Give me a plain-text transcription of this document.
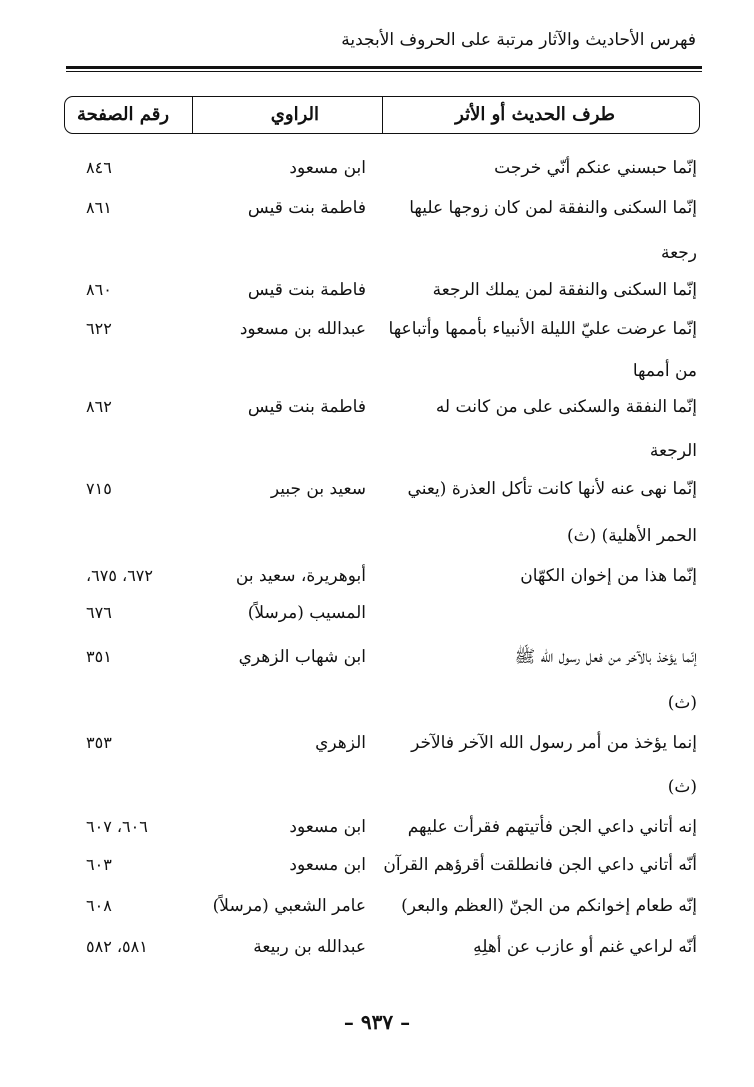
فهرس الأحاديث والآثار مرتبة على الحروف الأبجدية
طرف الحديث أو الأثر
الراوي
رقم الصفحة
إنّما حبسني عنكم أنّي خرجت
ابن مسعود
٨٤٦
إنّما السكنى والنفقة لمن كان زوجها عليها
فاطمة بنت قيس
٨٦١
رجعة
إنّما السكنى والنفقة لمن يملك الرجعة
فاطمة بنت قيس
٨٦٠
إنّما عرضت عليّ الليلة الأنبياء بأممها وأتباعها
عبدالله بن مسعود
٦٢٢
من أممها
إنّما النفقة والسكنى على من كانت له
فاطمة بنت قيس
٨٦٢
الرجعة
إنّما نهى عنه لأنها كانت تأكل العذرة (يعني
سعيد بن جبير
٧١٥
الحمر الأهلية) (ث)
إنّما هذا من إخوان الكهّان
أبوهريرة، سعيد بن
٦٧٢، ٦٧٥،
المسيب (مرسلاً)
٦٧٦
إنّما يؤخذ بالآخر من فعل رسول الله ﷺ
ابن شهاب الزهري
٣٥١
(ث)
إنما يؤخذ من أمر رسول الله الآخر فالآخر
الزهري
٣٥٣
(ث)
إنه أتاني داعي الجن فأتيتهم فقرأت عليهم
ابن مسعود
٦٠٦، ٦٠٧
أنّه أتاني داعي الجن فانطلقت أقرؤهم القرآن
ابن مسعود
٦٠٣
إنّه طعام إخوانكم من الجنّ (العظم والبعر)
عامر الشعبي (مرسلاً)
٦٠٨
أنّه لراعي غنم أو عازب عن أهلِهِ
عبدالله بن ربيعة
٥٨١، ٥٨٢
– ٩٣٧ –
